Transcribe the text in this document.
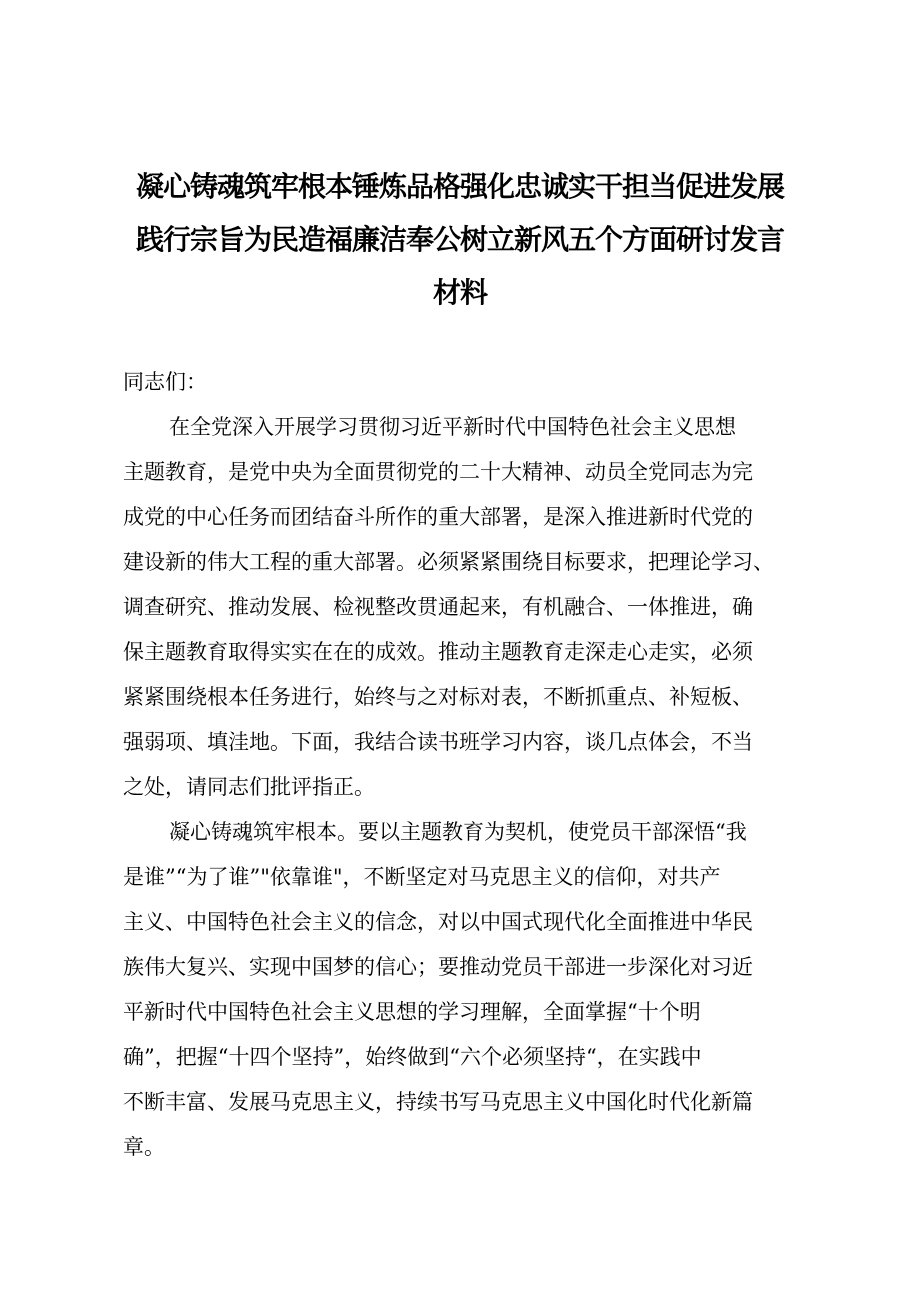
凝心铸魂筑牢根本锤炼品格强化忠诚实干担当促进发展
践行宗旨为民造福廉洁奉公树立新风五个方面研讨发言
材料

同志们：

在全党深入开展学习贯彻习近平新时代中国特色社会主义思想
主题教育，是党中央为全面贯彻党的二十大精神、动员全党同志为完
成党的中心任务而团结奋斗所作的重大部署，是深入推进新时代党的
建设新的伟大工程的重大部署。必须紧紧围绕目标要求，把理论学习、
调查研究、推动发展、检视整改贯通起来，有机融合、一体推进，确
保主题教育取得实实在在的成效。推动主题教育走深走心走实，必须
紧紧围绕根本任务进行，始终与之对标对表，不断抓重点、补短板、
强弱项、填洼地。下面，我结合读书班学习内容，谈几点体会，不当
之处，请同志们批评指正。
凝心铸魂筑牢根本。要以主题教育为契机，使党员干部深悟“我
是谁”“为了谁”"依靠谁"，不断坚定对马克思主义的信仰，对共产
主义、中国特色社会主义的信念，对以中国式现代化全面推进中华民
族伟大复兴、实现中国梦的信心；要推动党员干部进一步深化对习近
平新时代中国特色社会主义思想的学习理解，全面掌握“十个明
确”，把握“十四个坚持”，始终做到“六个必须坚持“，在实践中
不断丰富、发展马克思主义，持续书写马克思主义中国化时代化新篇
章。
